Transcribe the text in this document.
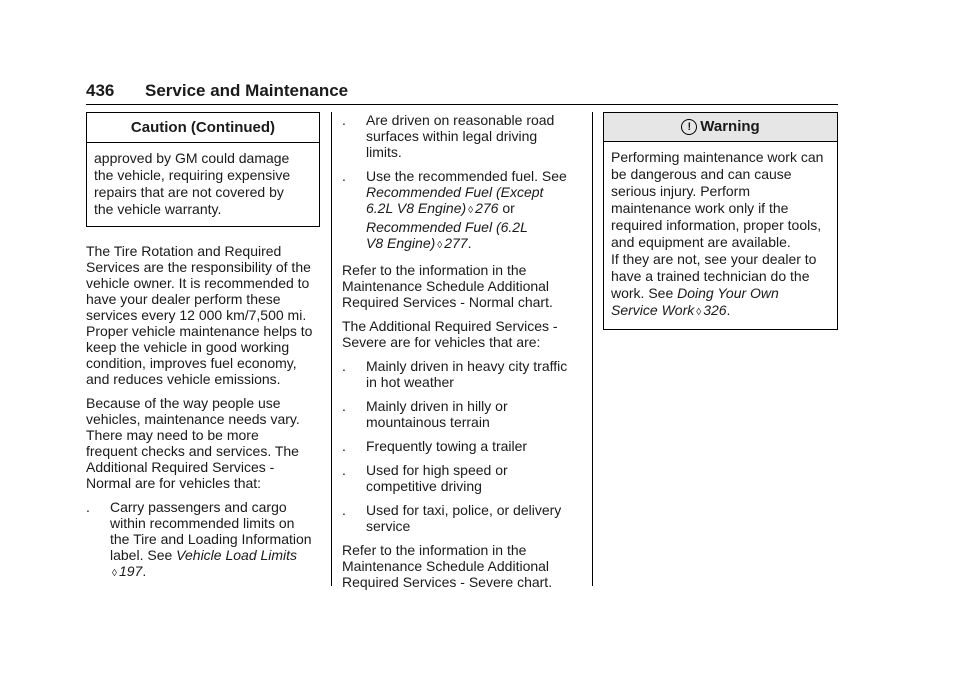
436 Service and Maintenance
Caution (Continued)
approved by GM could damage
the vehicle, requiring expensive
repairs that are not covered by
the vehicle warranty.

The Tire Rotation and Required
Services are the responsibility of the
vehicle owner. It is recommended to
have your dealer perform these
services every 12 000 km/7,500 mi.
Proper vehicle maintenance helps to
keep the vehicle in good working
condition, improves fuel economy,
and reduces vehicle emissions.

Because of the way people use
vehicles, maintenance needs vary.
There may need to be more
frequent checks and services. The
Additional Required Services -
Normal are for vehicles that:

. Carry passengers and cargo
within recommended limits on
the Tire and Loading Information
label. See Vehicle Load Limits
◊ 197.
. Are driven on reasonable road
surfaces within legal driving
limits.
. Use the recommended fuel. See
Recommended Fuel (Except
6.2L V8 Engine) ◊ 276 or
Recommended Fuel (6.2L
V8 Engine) ◊ 277.

Refer to the information in the
Maintenance Schedule Additional
Required Services - Normal chart.

The Additional Required Services -
Severe are for vehicles that are:

. Mainly driven in heavy city traffic
in hot weather
. Mainly driven in hilly or
mountainous terrain
. Frequently towing a trailer
. Used for high speed or
competitive driving
. Used for taxi, police, or delivery
service

Refer to the information in the
Maintenance Schedule Additional
Required Services - Severe chart.

! Warning
Performing maintenance work can
be dangerous and can cause
serious injury. Perform
maintenance work only if the
required information, proper tools,
and equipment are available.
If they are not, see your dealer to
have a trained technician do the
work. See Doing Your Own
Service Work ◊ 326.
